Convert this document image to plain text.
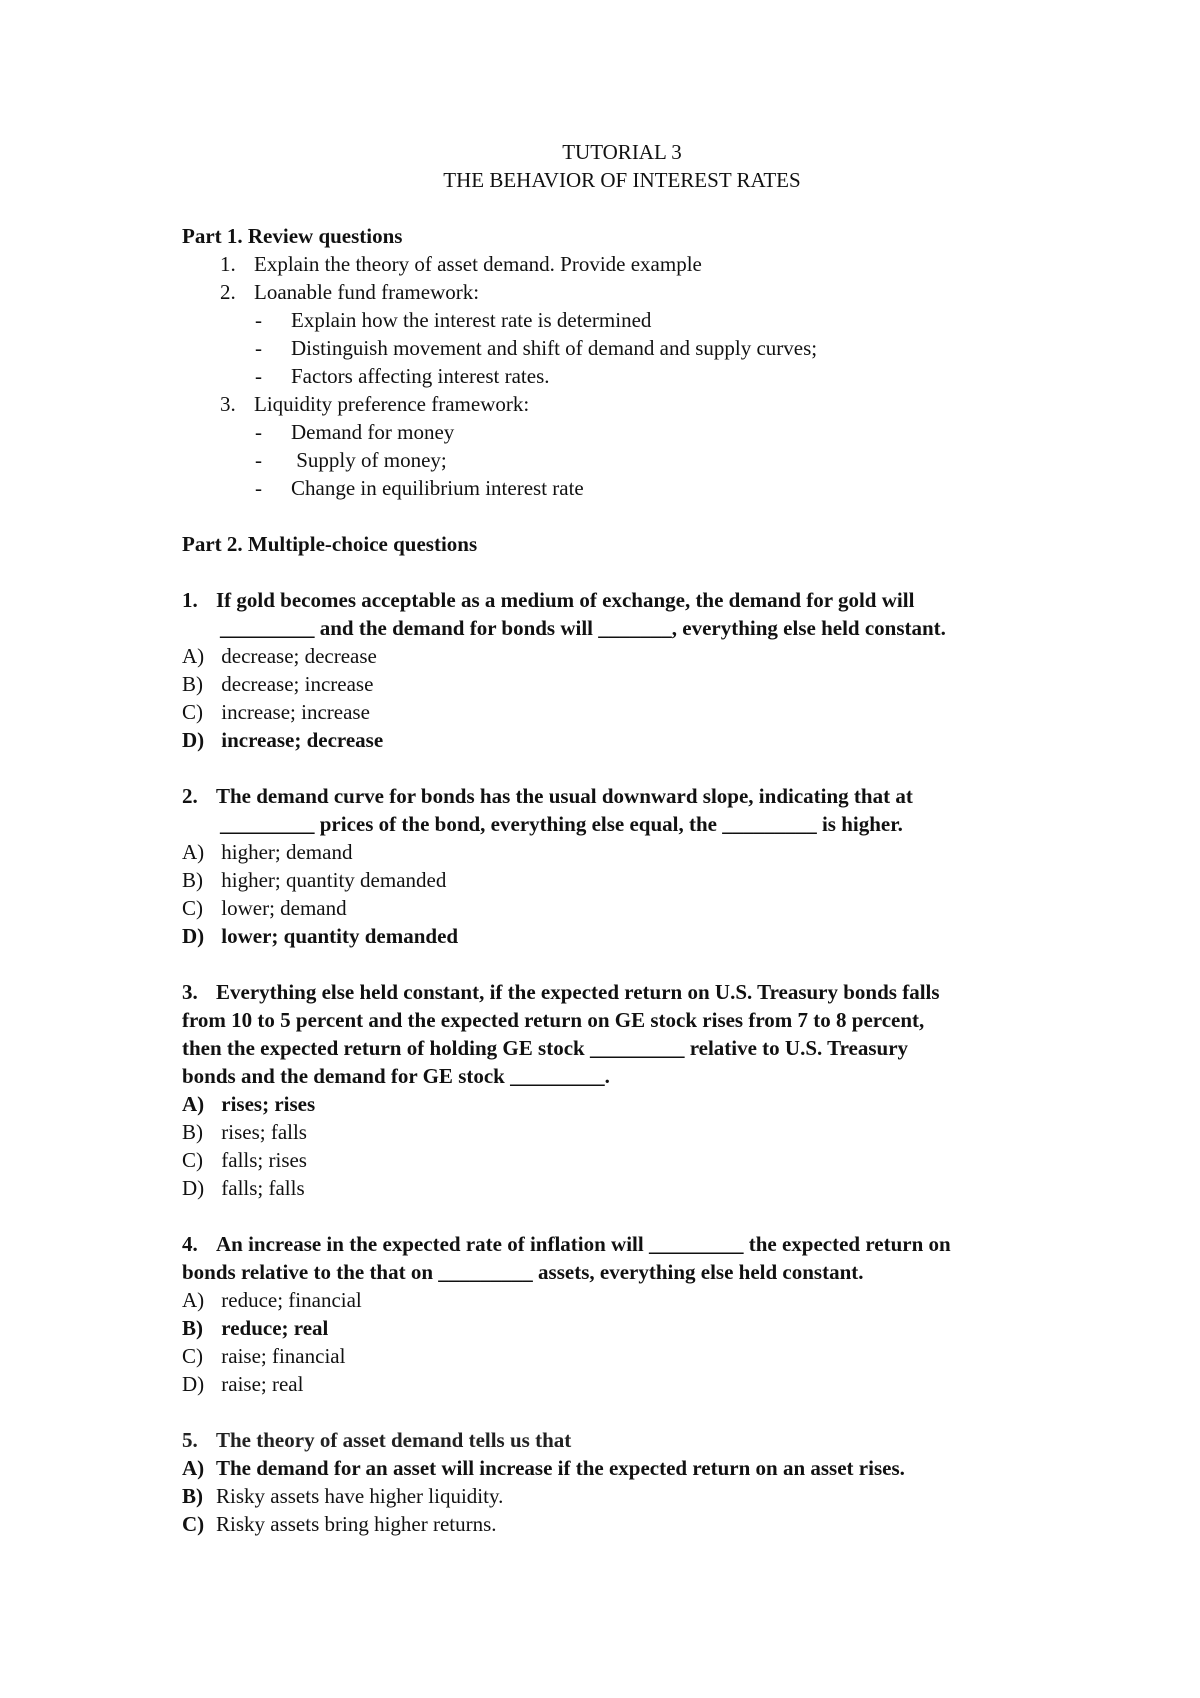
TUTORIAL 3
THE BEHAVIOR OF INTEREST RATES
Part 1. Review questions
1. Explain the theory of asset demand. Provide example
2. Loanable fund framework:
- Explain how the interest rate is determined
- Distinguish movement and shift of demand and supply curves;
- Factors affecting interest rates.
3. Liquidity preference framework:
- Demand for money
- Supply of money;
- Change in equilibrium interest rate
Part 2. Multiple-choice questions
1. If gold becomes acceptable as a medium of exchange, the demand for gold will
_________ and the demand for bonds will _______, everything else held constant.
A) decrease; decrease
B) decrease; increase
C) increase; increase
D) increase; decrease
2. The demand curve for bonds has the usual downward slope, indicating that at
_________ prices of the bond, everything else equal, the _________ is higher.
A) higher; demand
B) higher; quantity demanded
C) lower; demand
D) lower; quantity demanded
3. Everything else held constant, if the expected return on U.S. Treasury bonds falls
from 10 to 5 percent and the expected return on GE stock rises from 7 to 8 percent,
then the expected return of holding GE stock _________ relative to U.S. Treasury
bonds and the demand for GE stock _________.
A) rises; rises
B) rises; falls
C) falls; rises
D) falls; falls
4. An increase in the expected rate of inflation will _________ the expected return on
bonds relative to the that on _________ assets, everything else held constant.
A) reduce; financial
B) reduce; real
C) raise; financial
D) raise; real
5. The theory of asset demand tells us that
A) The demand for an asset will increase if the expected return on an asset rises.
B) Risky assets have higher liquidity.
C) Risky assets bring higher returns.
